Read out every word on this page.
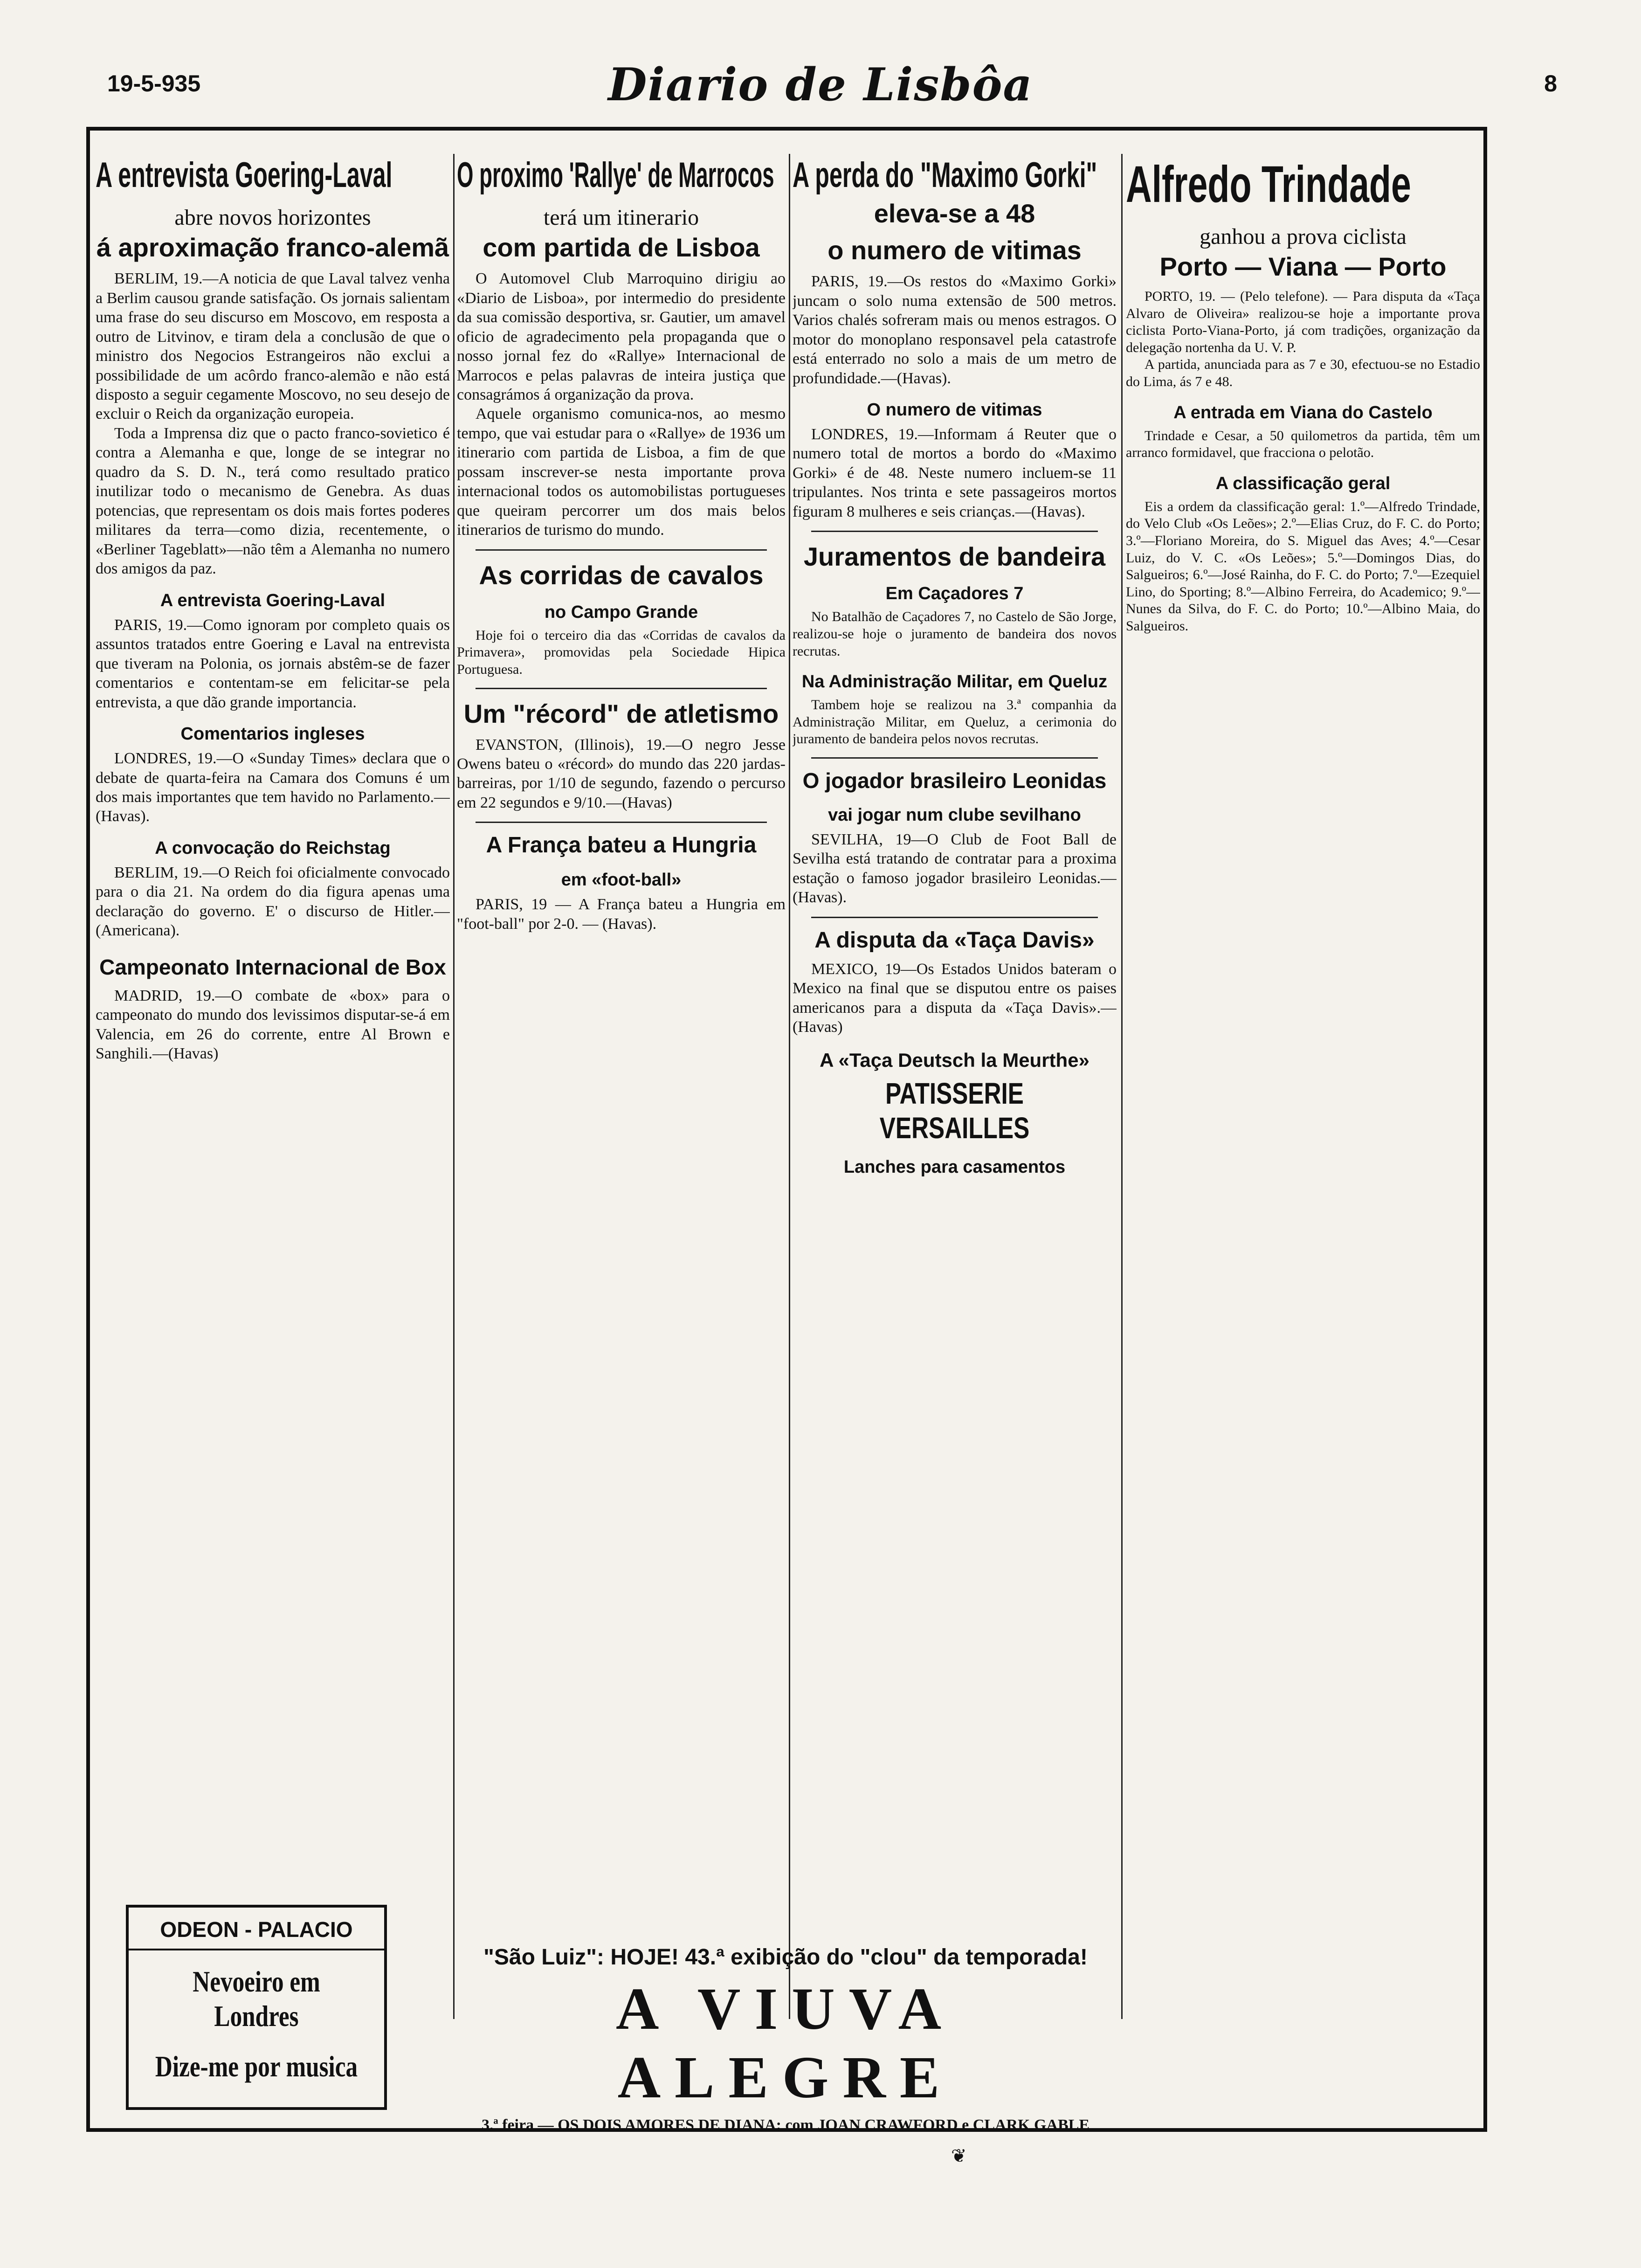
19-5-935	Diario de Lisbôa	8
A entrevista Goering-Laval
abre novos horizontes
á aproximação franco-alemã

BERLIM, 19.—A noticia de que Laval talvez venha a Berlim causou grande satisfação. Os jornais salientam uma frase do seu discurso em Moscovo, em resposta a outro de Litvinov, e tiram dela a conclusão de que o ministro dos Negocios Estrangeiros não exclui a possibilidade de um acôrdo franco-alemão e não está disposto a seguir cegamente Moscovo, no seu desejo de excluir o Reich da organização europeia.

Toda a Imprensa diz que o pacto franco-sovietico é contra a Alemanha e que, longe de se integrar no quadro da S. D. N., terá como resultado pratico inutilizar todo o mecanismo de Genebra. As duas potencias, que representam os dois mais fortes poderes militares da terra—como dizia, recentemente, o «Berliner Tageblatt»—não têm a Alemanha no numero dos amigos da paz.

A entrevista Goering-Laval

PARIS, 19.—Como ignoram por completo quais os assuntos tratados entre Goering e Laval na entrevista que tiveram na Polonia, os jornais abstêm-se de fazer comentarios e contentam-se em felicitar-se pela entrevista, a que dão grande importancia.

Comentarios ingleses

LONDRES, 19.—O «Sunday Times» declara que o debate de quarta-feira na Camara dos Comuns é um dos mais importantes que tem havido no Parlamento.—(Havas).

A convocação do Reichstag

BERLIM, 19.—O Reich foi oficialmente convocado para o dia 21. Na ordem do dia figura apenas uma declaração do governo. E' o discurso de Hitler.—(Americana).

Campeonato Internacional de Box

MADRID, 19.—O combate de «box» para o campeonato do mundo dos levissimos disputar-se-á em Valencia, em 26 do corrente, entre Al Brown e Sanghili.—(Havas)

ODEON - PALACIO
Nevoeiro em Londres
Dize-me por musica
O proximo 'Rallye' de Marrocos
terá um itinerario
com partida de Lisboa

O Automovel Club Marroquino dirigiu ao «Diario de Lisboa», por intermedio do presidente da sua comissão desportiva, sr. Gautier, um amavel oficio de agradecimento pela propaganda que o nosso jornal fez do «Rallye» Internacional de Marrocos e pelas palavras de inteira justiça que consagrámos á organização da prova.

Aquele organismo comunica-nos, ao mesmo tempo, que vai estudar para o «Rallye» de 1936 um itinerario com partida de Lisboa, a fim de que possam inscrever-se nesta importante prova internacional todos os automobilistas portugueses que queiram percorrer um dos mais belos itinerarios de turismo do mundo.

As corridas de cavalos
no Campo Grande

Hoje foi o terceiro dia das «Corridas de cavalos da Primavera», promovidas pela Sociedade Hipica Portuguesa.

Um "récord" de atletismo

EVANSTON, (Illinois), 19.—O negro Jesse Owens bateu o «récord» do mundo das 220 jardas-barreiras, por 1/10 de segundo, fazendo o percurso em 22 segundos e 9/10.—(Havas)

A França bateu a Hungria
em «foot-ball»

PARIS, 19 — A França bateu a Hungria em "foot-ball" por 2-0. — (Havas).

A perda do "Maximo Gorki"
eleva-se a 48
o numero de vitimas

PARIS, 19.—Os restos do «Maximo Gorki» juncam o solo numa extensão de 500 metros. Varios chalés sofreram mais ou menos estragos. O motor do monoplano responsavel pela catastrofe está enterrado no solo a mais de um metro de profundidade.—(Havas).

O numero de vitimas

LONDRES, 19.—Informam á Reuter que o numero total de mortos a bordo do «Maximo Gorki» é de 48. Neste numero incluem-se 11 tripulantes. Nos trinta e sete passageiros mortos figuram 8 mulheres e seis crianças.—(Havas).

Juramentos de bandeira
Em Caçadores 7

No Batalhão de Caçadores 7, no Castelo de São Jorge, realizou-se hoje o juramento de bandeira dos novos recrutas.

Na Administração Militar, em Queluz

Tambem hoje se realizou na 3.ª companhia da Administração Militar, em Queluz, a cerimonia do juramento de bandeira pelos novos recrutas.

O jogador brasileiro Leonidas
vai jogar num clube sevilhano

SEVILHA, 19—O Club de Foot Ball de Sevilha está tratando de contratar para a proxima estação o famoso jogador brasileiro Leonidas.—(Havas).

A disputa da «Taça Davis»

MEXICO, 19—Os Estados Unidos bateram o Mexico na final que se disputou entre os paises americanos para a disputa da «Taça Davis».—(Havas)

A «Taça Deutsch la Meurthe»
PATISSERIE VERSAILLES
Lanches para casamentos
Alfredo Trindade
ganhou a prova ciclista
Porto — Viana — Porto

PORTO, 19. — (Pelo telefone). — Para disputa da «Taça Alvaro de Oliveira» realizou-se hoje a importante prova ciclista Porto-Viana-Porto, já com tradições, organização da delegação nortenha da U. V. P.

A partida, anunciada para as 7 e 30, efectuou-se no Estadio do Lima, ás 7 e 48.

A entrada em Viana do Castelo

Trindade e Cesar, a 50 quilometros da partida, têm um arranco formidavel, que fracciona o pelotão.

A classificação geral

Eis a ordem da classificação geral: 1.º—Alfredo Trindade, do Velo Club «Os Leões»; 2.º—Elias Cruz, do F. C. do Porto; 3.º—Floriano Moreira, do S. Miguel das Aves; 4.º—Cesar Luiz, do V. C. «Os Leões»; 5.º—Domingos Dias, do Salgueiros; 6.º—José Rainha, do F. C. do Porto; 7.º—Ezequiel Lino, do Sporting; 8.º—Albino Ferreira, do Academico; 9.º—Nunes da Silva, do F. C. do Porto; 10.º—Albino Maia, do Salgueiros.

"São Luiz": HOJE! 43.ª exibição do "clou" da temporada!
A VIUVA ALEGRE
3.ª feira — OS DOIS AMORES DE DIANA: com JOAN CRAWFORD e CLARK GABLE
❦
